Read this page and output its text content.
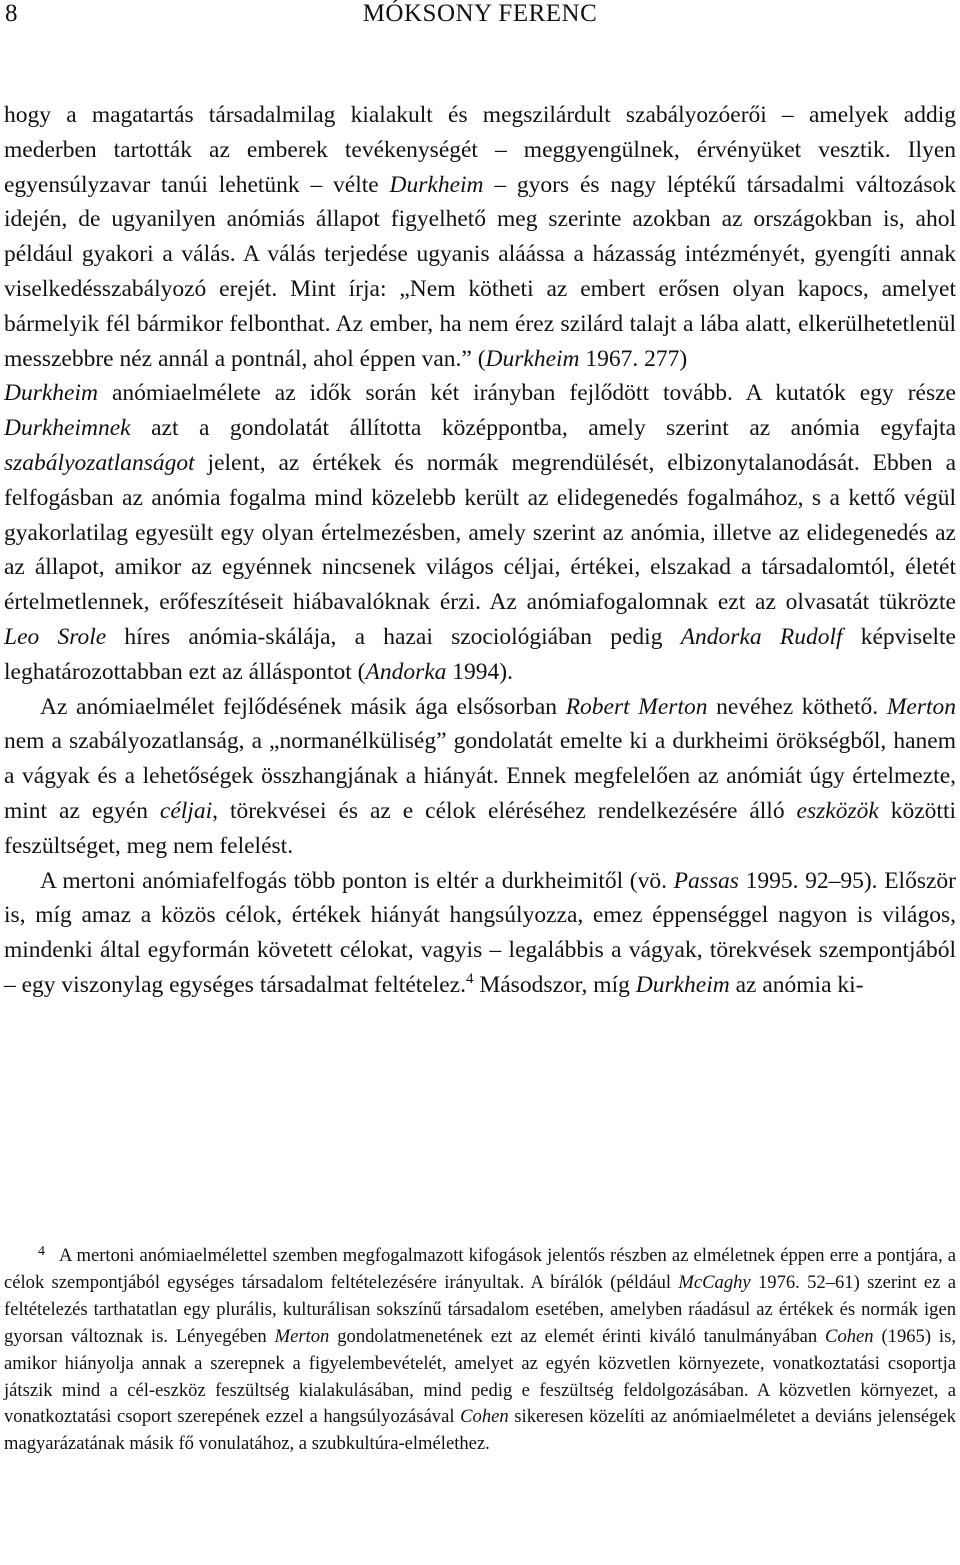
8	MÓKSONY FERENC

hogy a magatartás társadalmilag kialakult és megszilárdult szabályozóerői – amelyek addig mederben tartották az emberek tevékenységét – meggyengülnek, érvényüket vesztik. Ilyen egyensúlyzavar tanúi lehetünk – vélte Durkheim – gyors és nagy léptékű társadalmi változások idején, de ugyanilyen anómiás állapot figyelhető meg szerinte azokban az országokban is, ahol például gyakori a válás. A válás terjedése ugyanis aláássa a házasság intézményét, gyengíti annak viselkedésszabályozó erejét. Mint írja: „Nem kötheti az embert erősen olyan kapocs, amelyet bármelyik fél bármikor felbonthat. Az ember, ha nem érez szilárd talajt a lába alatt, elkerülhetetlenül messzebbre néz annál a pontnál, ahol éppen van.” (Durkheim 1967. 277)

Durkheim anómiaelmélete az idők során két irányban fejlődött tovább. A kutatók egy része Durkheimnek azt a gondolatát állította középpontba, amely szerint az anómia egyfajta szabályozatlanságot jelent, az értékek és normák megrendülését, elbizonytalanodását. Ebben a felfogásban az anómia fogalma mind közelebb került az elidegenedés fogalmához, s a kettő végül gyakorlatilag egyesült egy olyan értelmezésben, amely szerint az anómia, illetve az elidegenedés az az állapot, amikor az egyénnek nincsenek világos céljai, értékei, elszakad a társadalomtól, életét értelmetlennek, erőfeszítéseit hiábavalóknak érzi. Az anómiafogalomnak ezt az olvasatát tükrözte Leo Srole híres anómia-skálája, a hazai szociológiában pedig Andorka Rudolf képviselte leghatározottabban ezt az álláspontot (Andorka 1994).

Az anómiaelmélet fejlődésének másik ága elsősorban Robert Merton nevéhez köthető. Merton nem a szabályozatlanság, a „normanélküliség” gondolatát emelte ki a durkheimi örökségből, hanem a vágyak és a lehetőségek összhangjának a hiányát. Ennek megfelelően az anómiát úgy értelmezte, mint az egyén céljai, törekvései és az e célok eléréséhez rendelkezésére álló eszközök közötti feszültséget, meg nem felelést.

A mertoni anómiafelfogás több ponton is eltér a durkheimitől (vö. Passas 1995. 92–95). Először is, míg amaz a közös célok, értékek hiányát hangsúlyozza, emez éppenséggel nagyon is világos, mindenki által egyformán követett célokat, vagyis – legalábbis a vágyak, törekvések szempontjából – egy viszonylag egységes társadalmat feltételez.$^4$ Másodszor, míg Durkheim az anómia ki-

$^4$ A mertoni anómiaelmélettel szemben megfogalmazott kifogások jelentős részben az elméletnek éppen erre a pontjára, a célok szempontjából egységes társadalom feltételezésére irányultak. A bírálók (például McCaghy 1976. 52–61) szerint ez a feltételezés tarthatatlan egy plurális, kulturálisan sokszínű társadalom esetében, amelyben ráadásul az értékek és normák igen gyorsan változnak is. Lényegében Merton gondolatmenetének ezt az elemét érinti kiváló tanulmányában Cohen (1965) is, amikor hiányolja annak a szerepnek a figyelembevételét, amelyet az egyén közvetlen környezete, vonatkoztatási csoportja játszik mind a cél-eszköz feszültség kialakulásában, mind pedig e feszültség feldolgozásában. A közvetlen környezet, a vonatkoztatási csoport szerepének ezzel a hangsúlyozásával Cohen sikeresen közelíti az anómiaelméletet a deviáns jelenségek magyarázatának másik fő vonulatához, a szubkultúra-elmélethez.
